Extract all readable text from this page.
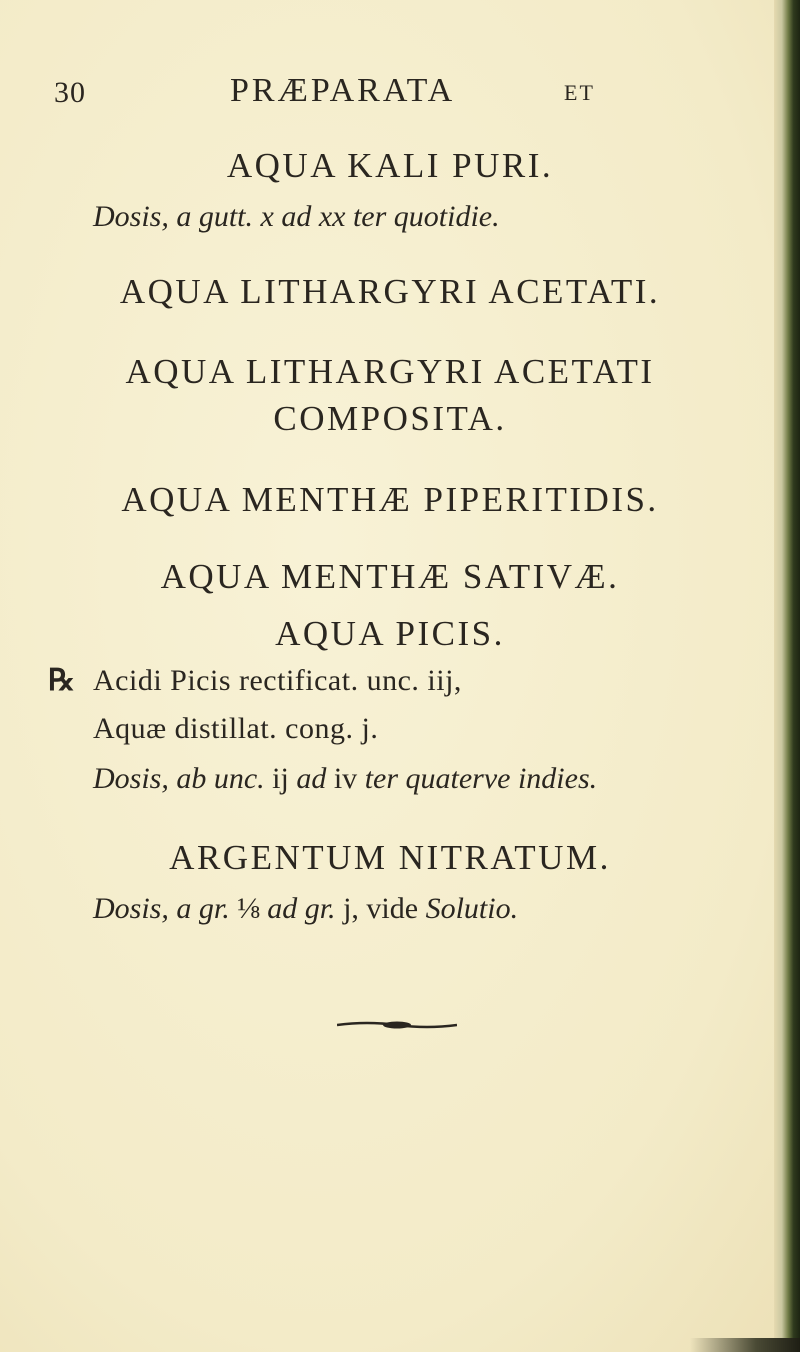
30	PRÆPARATA	ET
AQUA KALI PURI.
Dosis, a gutt. x ad xx ter quotidie.
AQUA LITHARGYRI ACETATI.
AQUA LITHARGYRI ACETATI
COMPOSITA.
AQUA MENTHÆ PIPERITIDIS.
AQUA MENTHÆ SATIVÆ.
AQUA PICIS.
℞ Acidi Picis rectificat. unc. iij,
Aquæ distillat. cong. j.
Dosis, ab unc. ij ad iv ter quaterve indies.
ARGENTUM NITRATUM.
Dosis, a gr. ⅛ ad gr. j, vide Solutio.
